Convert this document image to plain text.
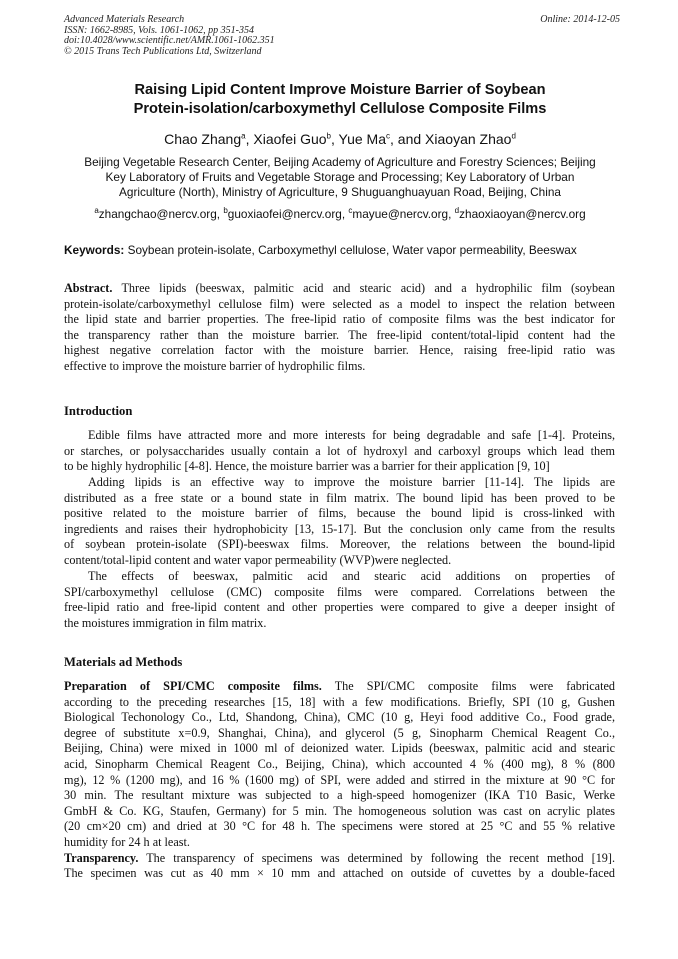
Advanced Materials Research
ISSN: 1662-8985, Vols. 1061-1062, pp 351-354
doi:10.4028/www.scientific.net/AMR.1061-1062.351
© 2015 Trans Tech Publications Ltd, Switzerland
Online: 2014-12-05
Raising Lipid Content Improve Moisture Barrier of Soybean
Protein-isolation/carboxymethyl Cellulose Composite Films
Chao Zhang$^a$, Xiaofei Guo$^b$, Yue Ma$^c$, and Xiaoyan Zhao$^d$
Beijing Vegetable Research Center, Beijing Academy of Agriculture and Forestry Sciences; Beijing
Key Laboratory of Fruits and Vegetable Storage and Processing; Key Laboratory of Urban
Agriculture (North), Ministry of Agriculture, 9 Shuguanghuayuan Road, Beijing, China
$^a$zhangchao@nercv.org, $^b$guoxiaofei@nercv.org, $^c$mayue@nercv.org, $^d$zhaoxiaoyan@nercv.org
Keywords: Soybean protein-isolate, Carboxymethyl cellulose, Water vapor permeability, Beeswax
Abstract. Three lipids (beeswax, palmitic acid and stearic acid) and a hydrophilic film (soybean
protein-isolate/carboxymethyl cellulose film) were selected as a model to inspect the relation between
the lipid state and barrier properties. The free-lipid ratio of composite films was the best indicator for
the transparency rather than the moisture barrier. The free-lipid content/total-lipid content had the
highest negative correlation factor with the moisture barrier. Hence, raising free-lipid ratio was
effective to improve the moisture barrier of hydrophilic films.
Introduction
Edible films have attracted more and more interests for being degradable and safe [1-4]. Proteins,
or starches, or polysaccharides usually contain a lot of hydroxyl and carboxyl groups which lead them
to be highly hydrophilic [4-8]. Hence, the moisture barrier was a barrier for their application [9, 10]
Adding lipids is an effective way to improve the moisture barrier [11-14]. The lipids are
distributed as a free state or a bound state in film matrix. The bound lipid has been proved to be
positive related to the moisture barrier of films, because the bound lipid is cross-linked with
ingredients and raises their hydrophobicity [13, 15-17]. But the conclusion only came from the results
of soybean protein-isolate (SPI)-beeswax films. Moreover, the relations between the bound-lipid
content/total-lipid content and water vapor permeability (WVP)were neglected.
The effects of beeswax, palmitic acid and stearic acid additions on properties of
SPI/carboxymethyl cellulose (CMC) composite films were compared. Correlations between the
free-lipid ratio and free-lipid content and other properties were compared to give a deeper insight of
the moistures immigration in film matrix.
Materials ad Methods
Preparation of SPI/CMC composite films. The SPI/CMC composite films were fabricated
according to the preceding researches [15, 18] with a few modifications. Briefly, SPI (10 g, Gushen
Biological Techonology Co., Ltd, Shandong, China), CMC (10 g, Heyi food additive Co., Food grade,
degree of substitute x=0.9, Shanghai, China), and glycerol (5 g, Sinopharm Chemical Reagent Co.,
Beijing, China) were mixed in 1000 ml of deionized water. Lipids (beeswax, palmitic acid and stearic
acid, Sinopharm Chemical Reagent Co., Beijing, China), which accounted 4 % (400 mg), 8 % (800
mg), 12 % (1200 mg), and 16 % (1600 mg) of SPI, were added and stirred in the mixture at 90 °C for
30 min. The resultant mixture was subjected to a high-speed homogenizer (IKA T10 Basic, Werke
GmbH & Co. KG, Staufen, Germany) for 5 min. The homogeneous solution was cast on acrylic plates
(20 cm×20 cm) and dried at 30 °C for 48 h. The specimens were stored at 25 °C and 55 % relative
humidity for 24 h at least.
Transparency. The transparency of specimens was determined by following the recent method [19].
The specimen was cut as 40 mm × 10 mm and attached on outside of cuvettes by a double-faced
